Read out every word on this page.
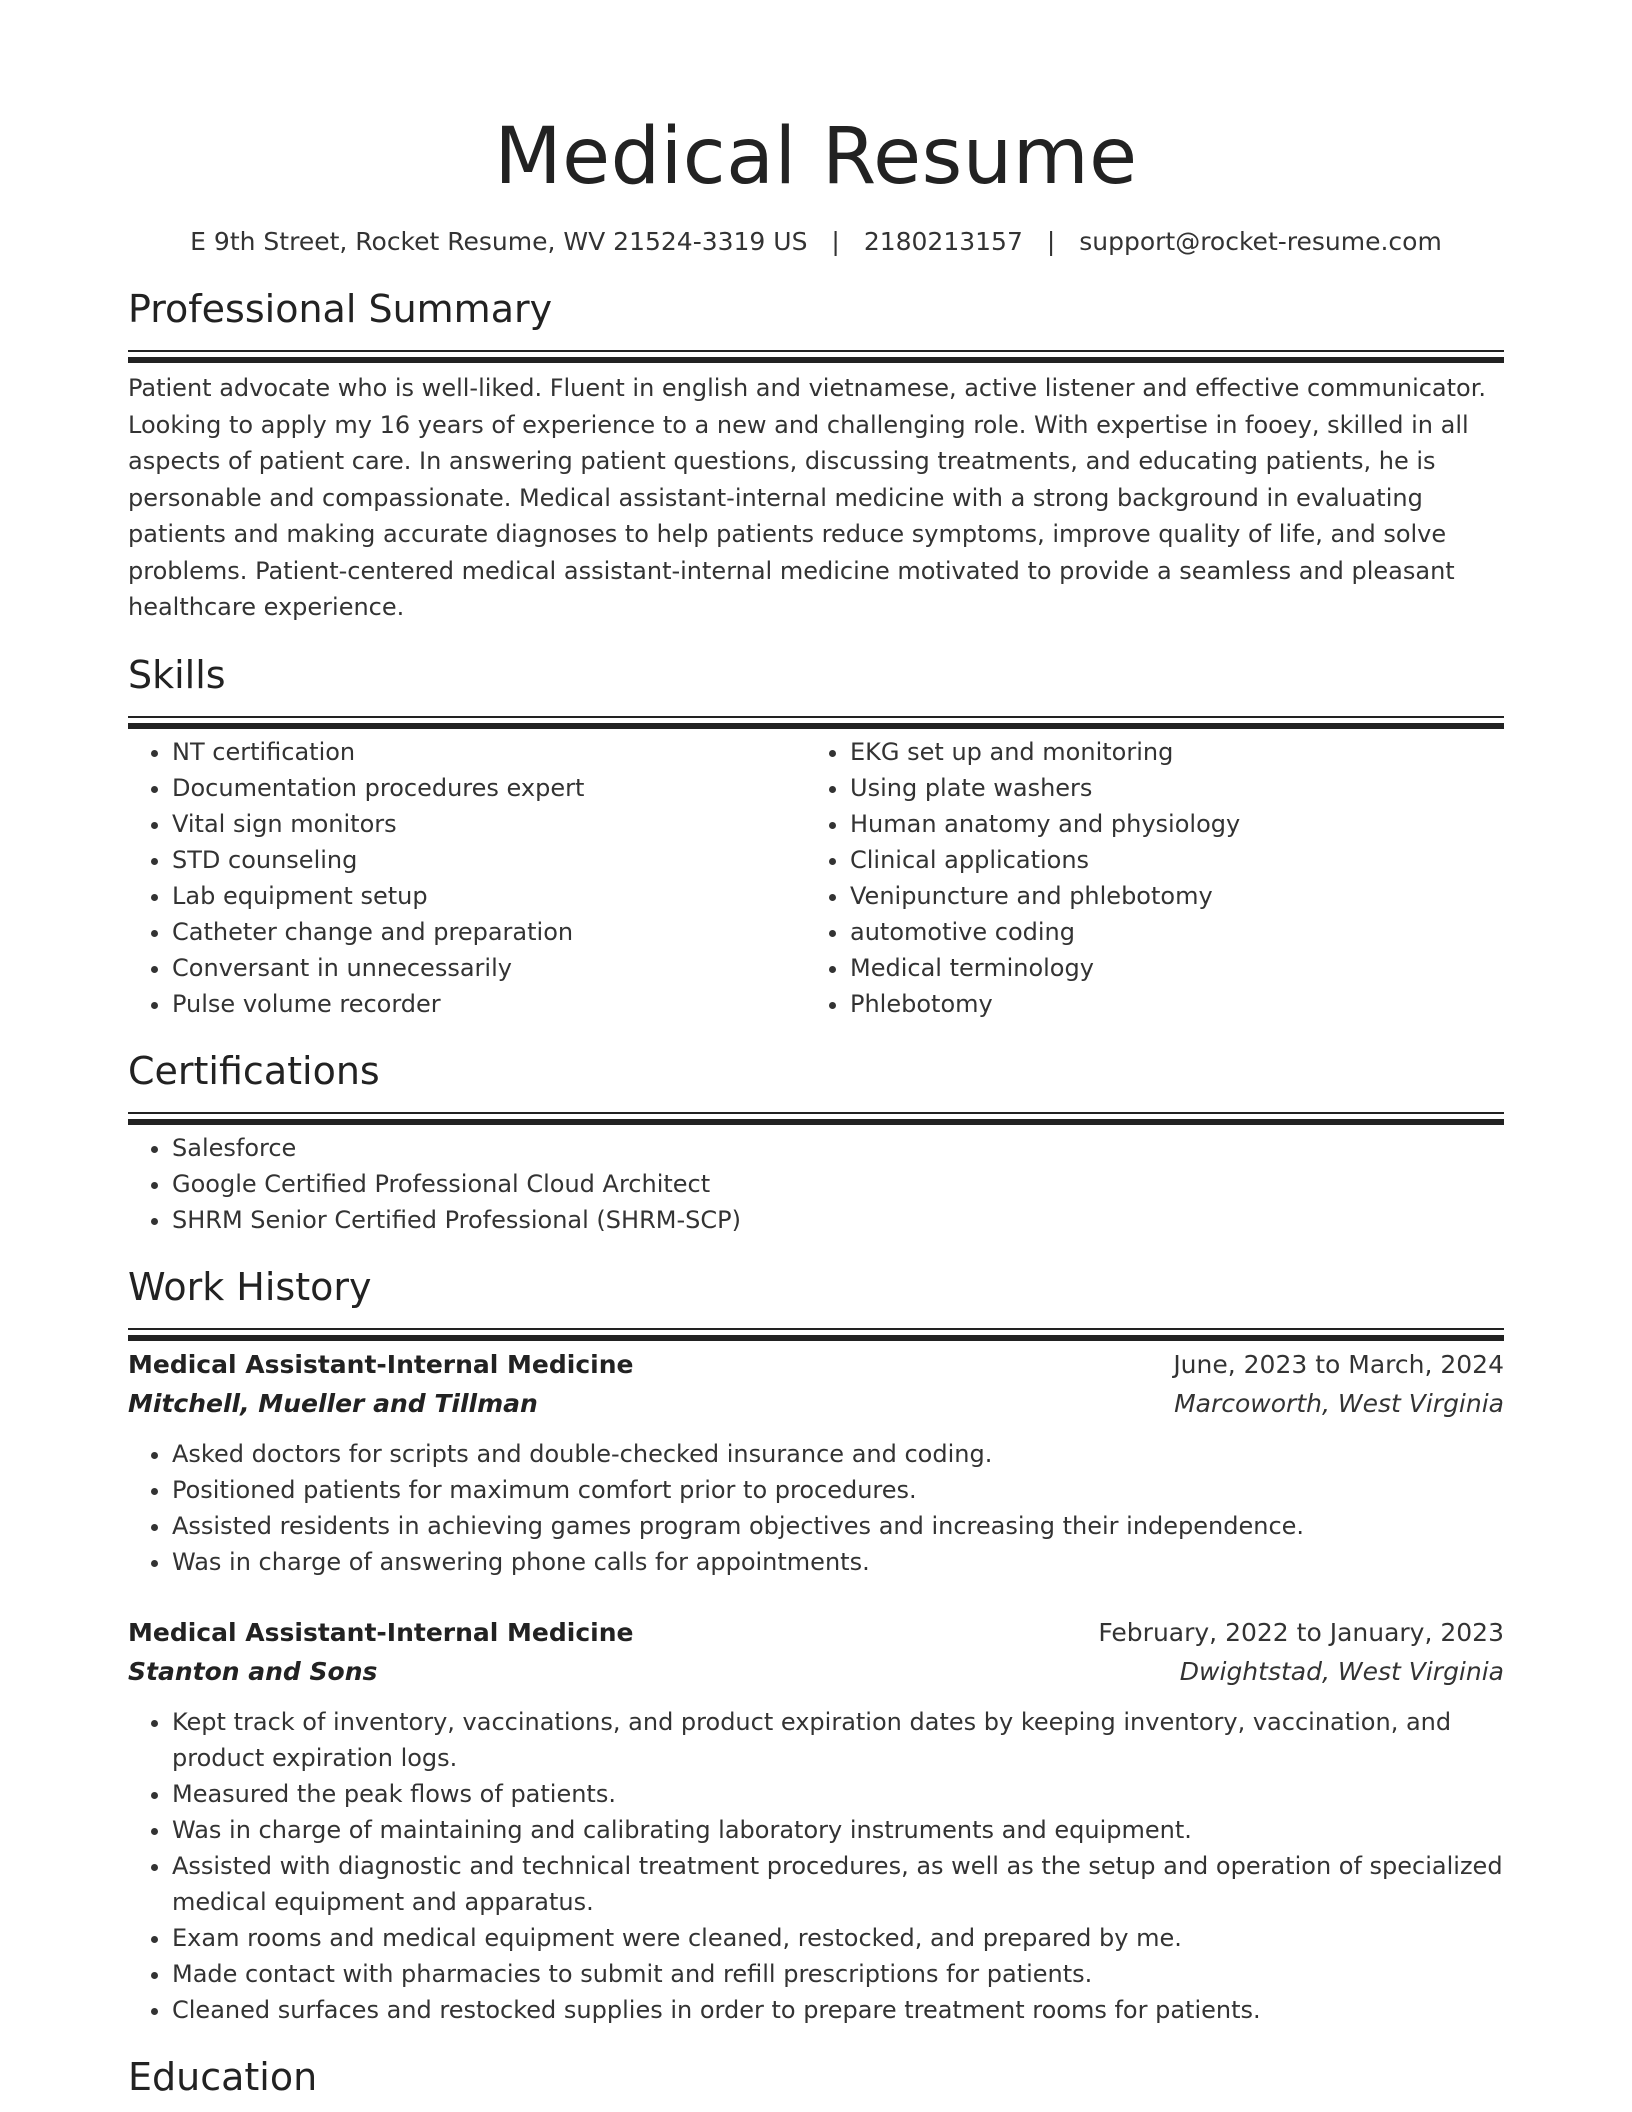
Medical Resume
E 9th Street, Rocket Resume, WV 21524-3319 US | 2180213157 | support@rocket-resume.com
Professional Summary

Patient advocate who is well-liked. Fluent in english and vietnamese, active listener and effective communicator. Looking to apply my 16 years of experience to a new and challenging role. With expertise in fooey, skilled in all aspects of patient care. In answering patient questions, discussing treatments, and educating patients, he is personable and compassionate. Medical assistant-internal medicine with a strong background in evaluating patients and making accurate diagnoses to help patients reduce symptoms, improve quality of life, and solve problems. Patient-centered medical assistant-internal medicine motivated to provide a seamless and pleasant healthcare experience.

Skills
• NT certification
• Documentation procedures expert
• Vital sign monitors
• STD counseling
• Lab equipment setup
• Catheter change and preparation
• Conversant in unnecessarily
• Pulse volume recorder
• EKG set up and monitoring
• Using plate washers
• Human anatomy and physiology
• Clinical applications
• Venipuncture and phlebotomy
• automotive coding
• Medical terminology
• Phlebotomy
Certifications
• Salesforce
• Google Certified Professional Cloud Architect
• SHRM Senior Certified Professional (SHRM-SCP)
Work History
Medical Assistant-Internal Medicine	June, 2023 to March, 2024
Mitchell, Mueller and Tillman	Marcoworth, West Virginia
• Asked doctors for scripts and double-checked insurance and coding.
• Positioned patients for maximum comfort prior to procedures.
• Assisted residents in achieving games program objectives and increasing their independence.
• Was in charge of answering phone calls for appointments.
Medical Assistant-Internal Medicine	February, 2022 to January, 2023
Stanton and Sons	Dwightstad, West Virginia
• Kept track of inventory, vaccinations, and product expiration dates by keeping inventory, vaccination, and product expiration logs.
• Measured the peak flows of patients.
• Was in charge of maintaining and calibrating laboratory instruments and equipment.
• Assisted with diagnostic and technical treatment procedures, as well as the setup and operation of specialized medical equipment and apparatus.
• Exam rooms and medical equipment were cleaned, restocked, and prepared by me.
• Made contact with pharmacies to submit and refill prescriptions for patients.
• Cleaned surfaces and restocked supplies in order to prepare treatment rooms for patients.
Education
